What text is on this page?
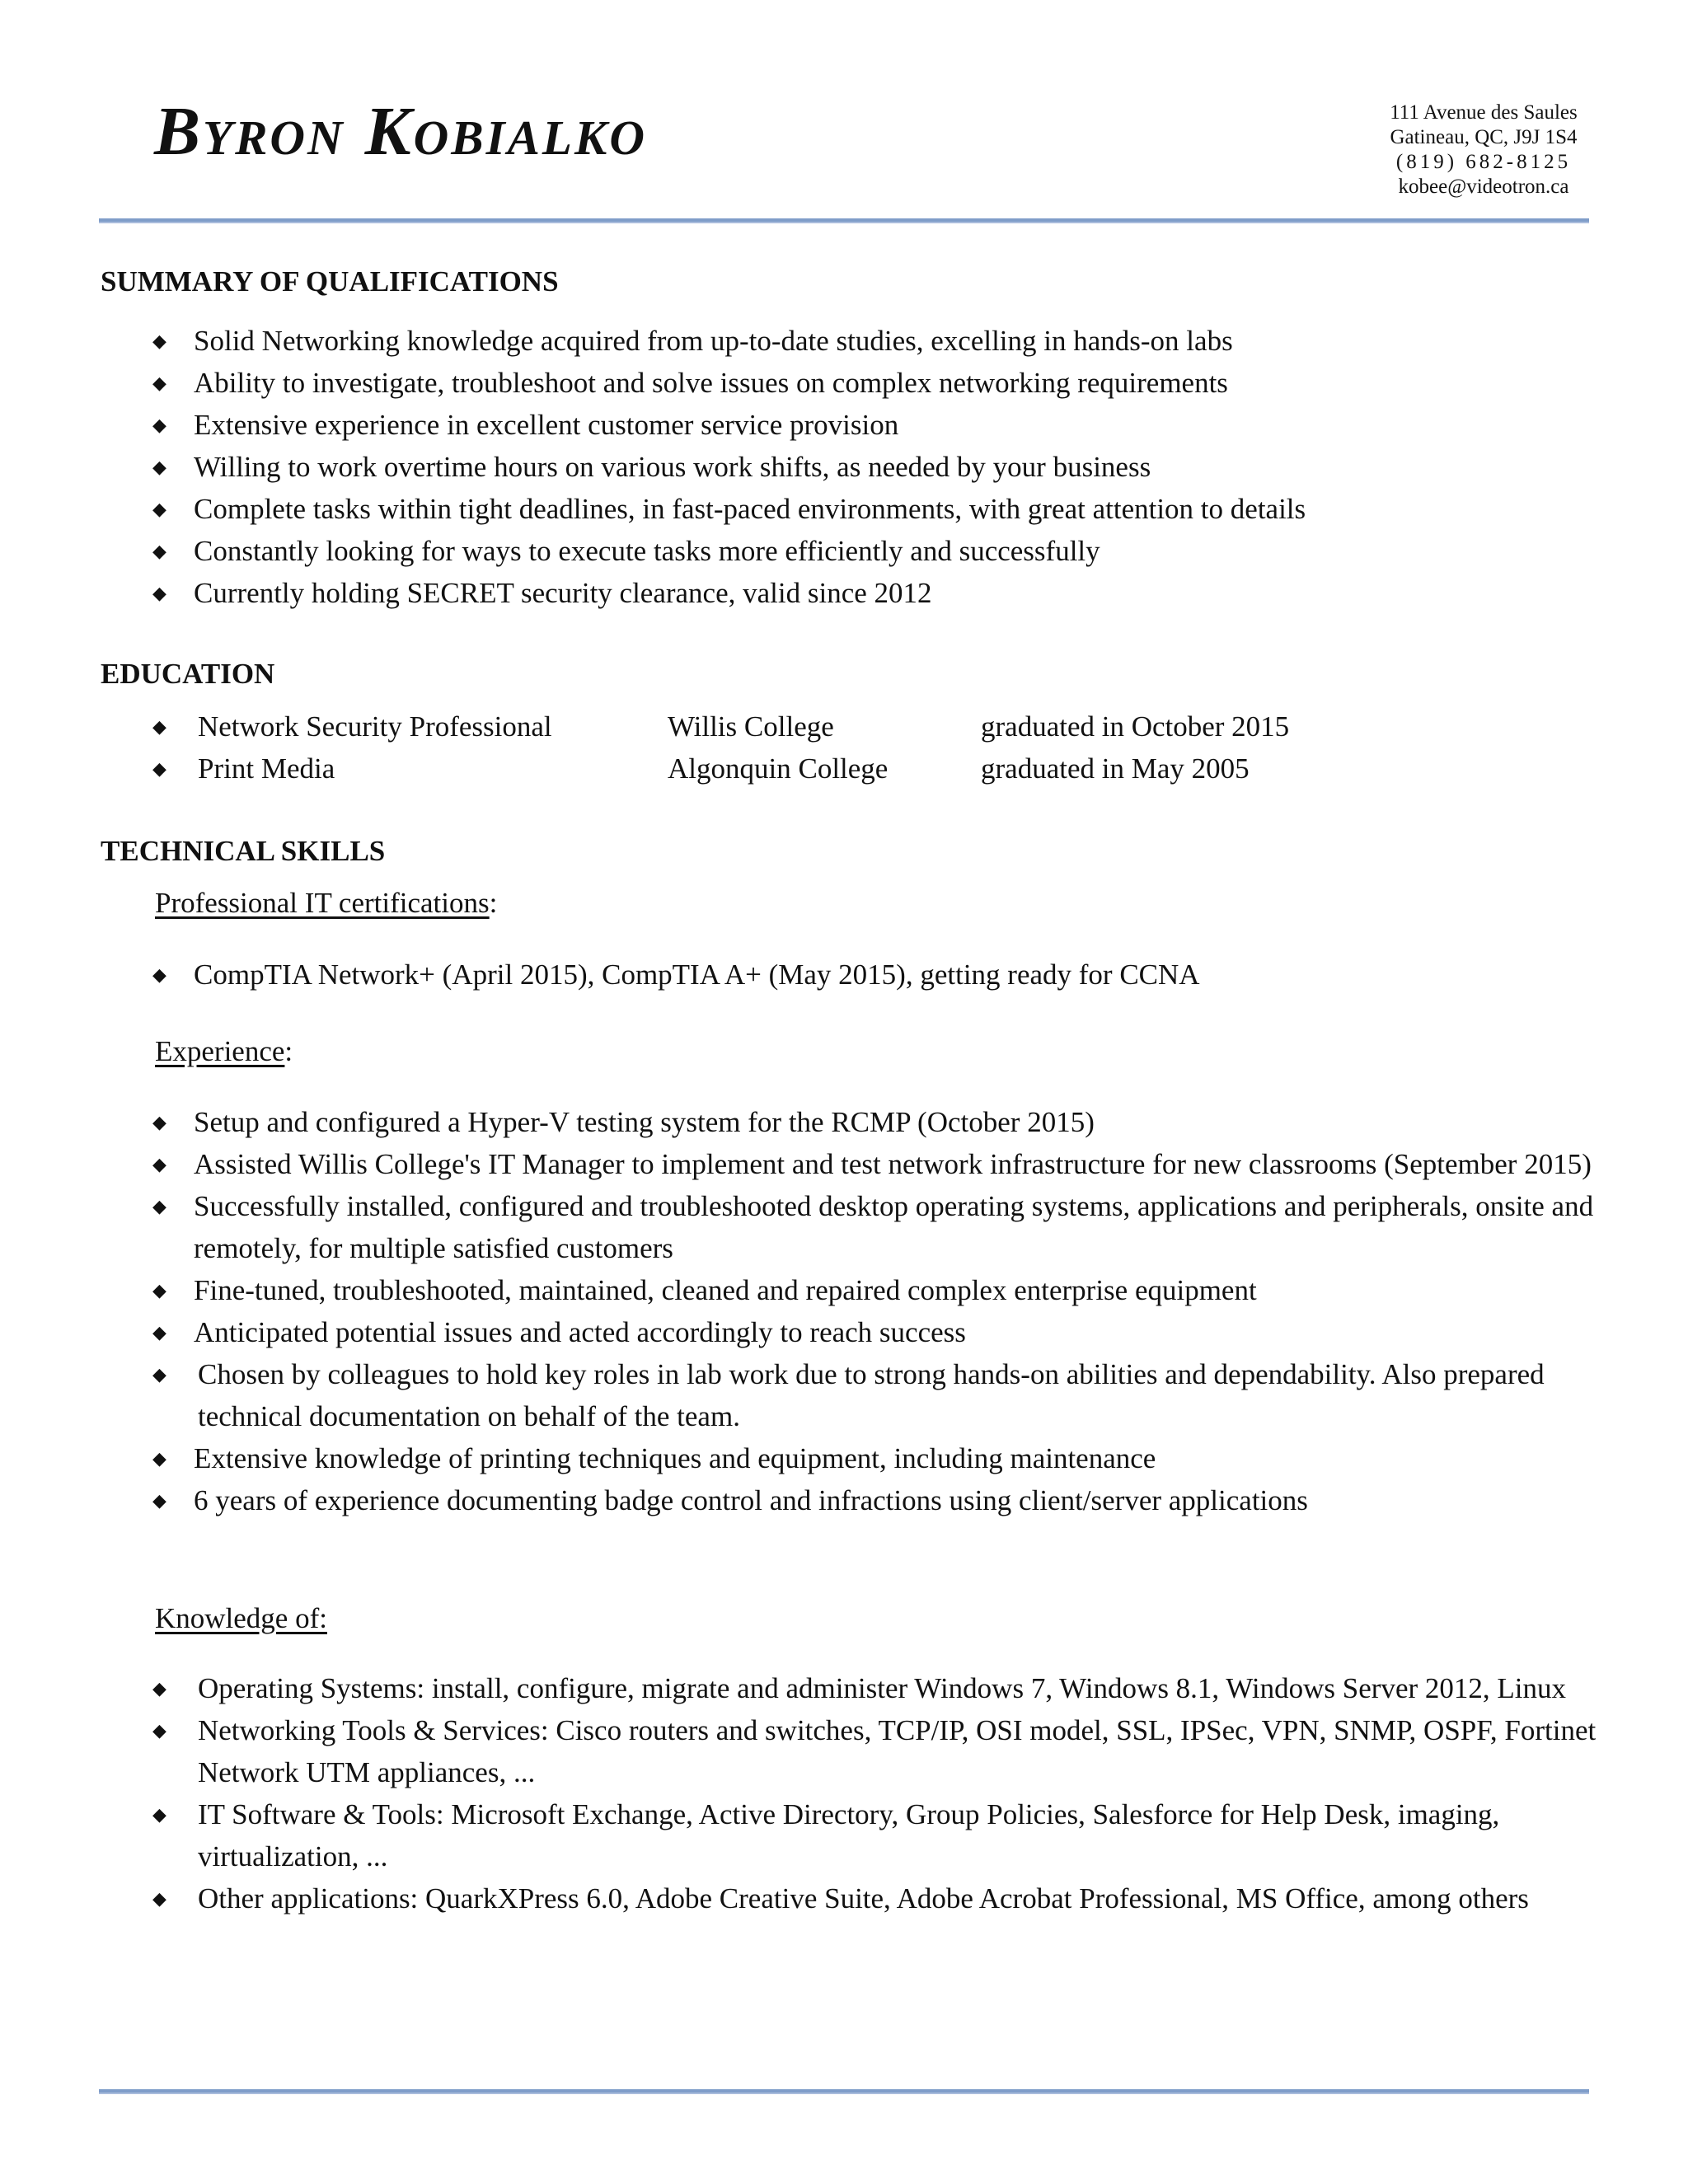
Byron Kobialko	111 Avenue des Saules
Gatineau, QC, J9J 1S4
(819) 682-8125
kobee@videotron.ca
SUMMARY OF QUALIFICATIONS
◆ Solid Networking knowledge acquired from up-to-date studies, excelling in hands-on labs
◆ Ability to investigate, troubleshoot and solve issues on complex networking requirements
◆ Extensive experience in excellent customer service provision
◆ Willing to work overtime hours on various work shifts, as needed by your business
◆ Complete tasks within tight deadlines, in fast-paced environments, with great attention to details
◆ Constantly looking for ways to execute tasks more efficiently and successfully
◆ Currently holding SECRET security clearance, valid since 2012
EDUCATION
◆ Network Security Professional	Willis College	graduated in October 2015
◆ Print Media	Algonquin College	graduated in May 2005
TECHNICAL SKILLS
Professional IT certifications:
◆ CompTIA Network+ (April 2015), CompTIA A+ (May 2015), getting ready for CCNA
Experience:
◆ Setup and configured a Hyper-V testing system for the RCMP (October 2015)
◆ Assisted Willis College's IT Manager to implement and test network infrastructure for new classrooms (September 2015)
◆ Successfully installed, configured and troubleshooted desktop operating systems, applications and peripherals, onsite and remotely, for multiple satisfied customers
◆ Fine-tuned, troubleshooted, maintained, cleaned and repaired complex enterprise equipment
◆ Anticipated potential issues and acted accordingly to reach success
◆ Chosen by colleagues to hold key roles in lab work due to strong hands-on abilities and dependability. Also prepared technical documentation on behalf of the team.
◆ Extensive knowledge of printing techniques and equipment, including maintenance
◆ 6 years of experience documenting badge control and infractions using client/server applications
Knowledge of:
◆ Operating Systems: install, configure, migrate and administer Windows 7, Windows 8.1, Windows Server 2012, Linux
◆ Networking Tools & Services: Cisco routers and switches, TCP/IP, OSI model, SSL, IPSec, VPN, SNMP, OSPF, Fortinet Network UTM appliances, ...
◆ IT Software & Tools: Microsoft Exchange, Active Directory, Group Policies, Salesforce for Help Desk, imaging, virtualization, ...
◆ Other applications: QuarkXPress 6.0, Adobe Creative Suite, Adobe Acrobat Professional, MS Office, among others
